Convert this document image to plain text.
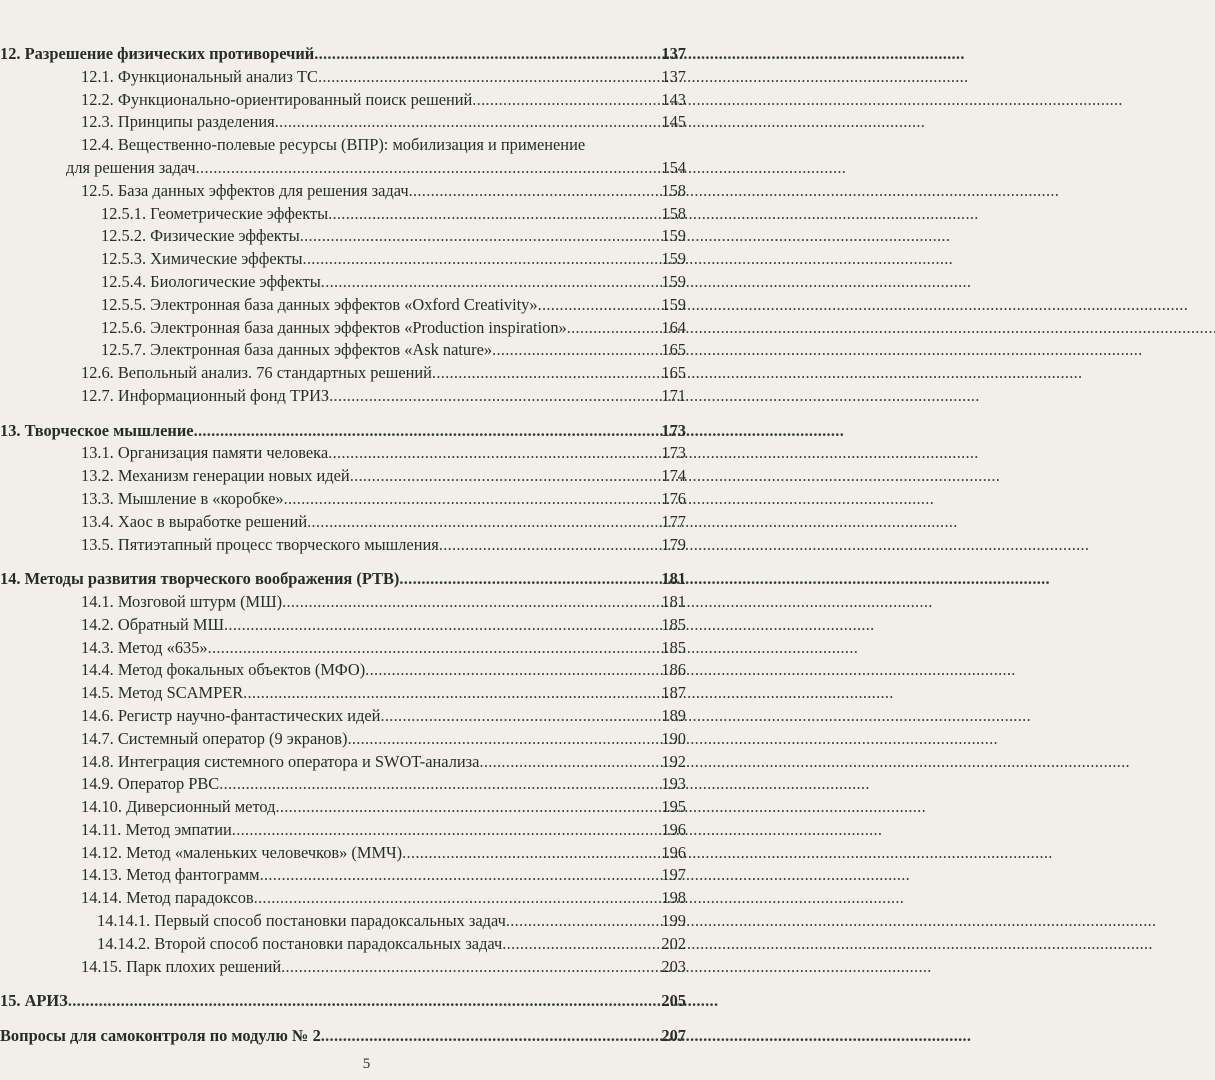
12. Разрешение физических противоречий . . .	137
12.1. Функциональный анализ ТС . . .	137
12.2. Функционально-ориентированный поиск решений . . .	143
12.3. Принципы разделения . . .	145
12.4. Вещественно-полевые ресурсы (ВПР): мобилизация и применение
для решения задач . . .	154
12.5. База данных эффектов для решения задач . . .	158
12.5.1. Геометрические эффекты . . .	158
12.5.2. Физические эффекты . . .	159
12.5.3. Химические эффекты . . .	159
12.5.4. Биологические эффекты . . .	159
12.5.5. Электронная база данных эффектов «Oxford Creativity» . . .	159
12.5.6. Электронная база данных эффектов «Production inspiration» . . .	164
12.5.7. Электронная база данных эффектов «Ask nature» . . .	165
12.6. Вепольный анализ. 76 стандартных решений . . .	165
12.7. Информационный фонд ТРИЗ . . .	171
13. Творческое мышление . . .	173
13.1. Организация памяти человека . . .	173
13.2. Механизм генерации новых идей . . .	174
13.3. Мышление в «коробке» . . .	176
13.4. Хаос в выработке решений . . .	177
13.5. Пятиэтапный процесс творческого мышления . . .	179
14. Методы развития творческого воображения (РТВ) . . .	181
14.1. Мозговой штурм (МШ) . . .	181
14.2. Обратный МШ . . .	185
14.3. Метод «635» . . .	185
14.4. Метод фокальных объектов (МФО) . . .	186
14.5. Метод SCAMPER . . .	187
14.6. Регистр научно-фантастических идей . . .	189
14.7. Системный оператор (9 экранов) . . .	190
14.8. Интеграция системного оператора и SWOT-анализа . . .	192
14.9. Оператор РВС . . .	193
14.10. Диверсионный метод . . .	195
14.11. Метод эмпатии . . .	196
14.12. Метод «маленьких человечков» (ММЧ) . . .	196
14.13. Метод фантограмм . . .	197
14.14. Метод парадоксов . . .	198
14.14.1. Первый способ постановки парадоксальных задач . . .	199
14.14.2. Второй способ постановки парадоксальных задач . . .	202
14.15. Парк плохих решений . . .	203
15. АРИЗ . . .	205
Вопросы для самоконтроля по модулю № 2 . . .	207
5
